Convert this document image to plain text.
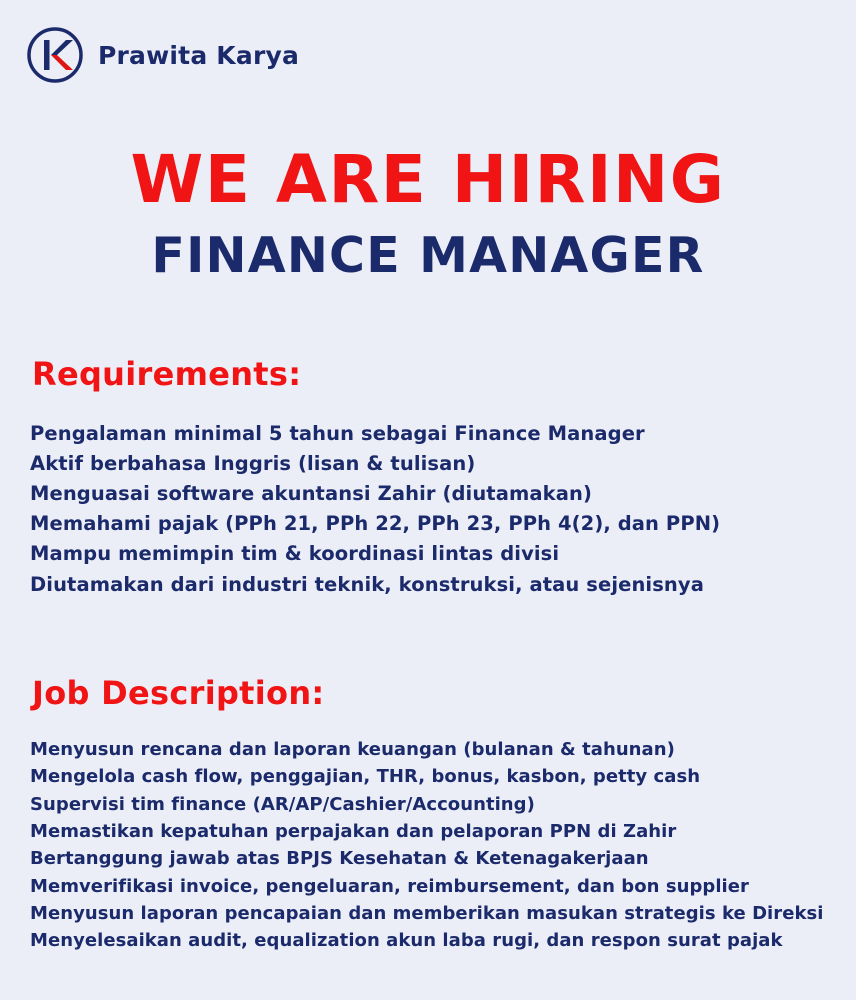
Prawita Karya
WE ARE HIRING
FINANCE MANAGER
Requirements:
Pengalaman minimal 5 tahun sebagai Finance Manager
Aktif berbahasa Inggris (lisan & tulisan)
Menguasai software akuntansi Zahir (diutamakan)
Memahami pajak (PPh 21, PPh 22, PPh 23, PPh 4(2), dan PPN)
Mampu memimpin tim & koordinasi lintas divisi
Diutamakan dari industri teknik, konstruksi, atau sejenisnya
Job Description:
Menyusun rencana dan laporan keuangan (bulanan & tahunan)
Mengelola cash flow, penggajian, THR, bonus, kasbon, petty cash
Supervisi tim finance (AR/AP/Cashier/Accounting)
Memastikan kepatuhan perpajakan dan pelaporan PPN di Zahir
Bertanggung jawab atas BPJS Kesehatan & Ketenagakerjaan
Memverifikasi invoice, pengeluaran, reimbursement, dan bon supplier
Menyusun laporan pencapaian dan memberikan masukan strategis ke Direksi
Menyelesaikan audit, equalization akun laba rugi, dan respon surat pajak
